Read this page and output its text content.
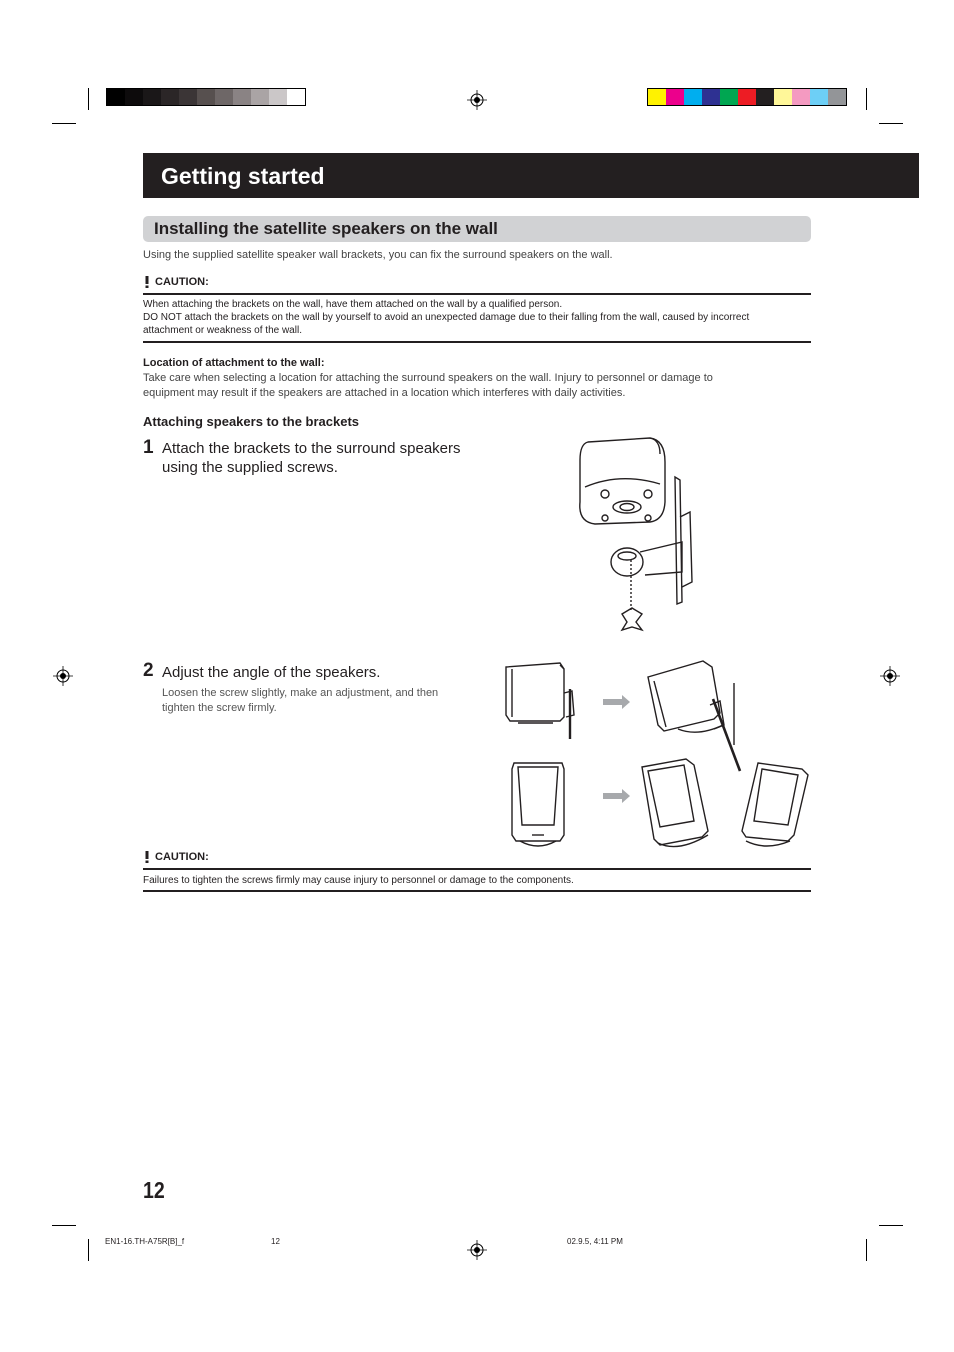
Getting started
Installing the satellite speakers on the wall
Using the supplied satellite speaker wall brackets, you can fix the surround speakers on the wall.
CAUTION:
When attaching the brackets on the wall, have them attached on the wall by a qualified person.
DO NOT attach the brackets on the wall by yourself to avoid an unexpected damage due to their falling from the wall, caused by incorrect
attachment or weakness of the wall.
Location of attachment to the wall:
Take care when selecting a location for attaching the surround speakers on the wall. Injury to personnel or damage to
equipment may result if the speakers are attached in a location which interferes with daily activities.
Attaching speakers to the brackets
1 Attach the brackets to the surround speakers
using the supplied screws.
2 Adjust the angle of the speakers.
Loosen the screw slightly, make an adjustment, and then
tighten the screw firmly.
CAUTION:
Failures to tighten the screws firmly may cause injury to personnel or damage to the components.
12
EN1-16.TH-A75R[B]_f	12	02.9.5, 4:11 PM
